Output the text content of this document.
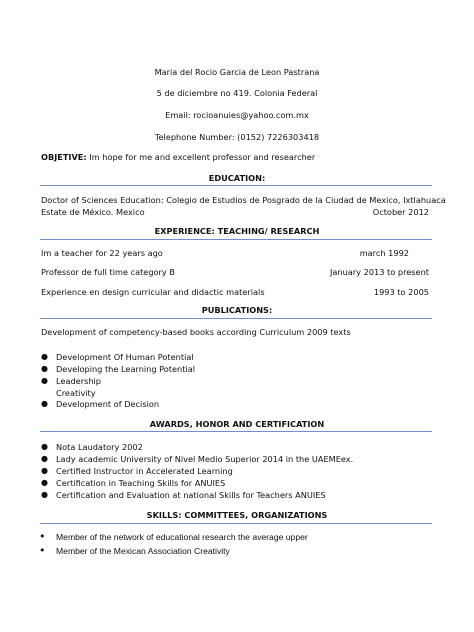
Maria del Rocio Garcia de Leon Pastrana
5 de diciembre no 419. Colonia Federal
Email: rocioanuies@yahoo.com.mx
Telephone Number: (0152) 7226303418
OBJETIVE: Im hope for me and excellent professor and researcher
EDUCATION:
Doctor of Sciences Education: Colegio de Estudios de Posgrado de la Ciudad de Mexico, Ixtlahuaca
Estate de México. Mexico	October 2012
EXPERIENCE: TEACHING/ RESEARCH
Im a teacher for 22 years ago	march 1992
Professor de full time category B	January 2013 to present
Experience en design curricular and didactic materials	1993 to 2005
PUBLICATIONS:
Development of competency-based books according Curriculum 2009 texts
● Development Of Human Potential
● Developing the Learning Potential
● Leadership
Creativity
● Development of Decision
AWARDS, HONOR AND CERTIFICATION
● Nota Laudatory 2002
● Lady academic University of Nivel Medio Superior 2014 in the UAEMEex.
● Certified Instructor in Accelerated Learning
● Certification in Teaching Skills for ANUIES
● Certification and Evaluation at national Skills for Teachers ANUIES
SKILLS: COMMITTEES, ORGANIZATIONS
• Member of the network of educational research the average upper
• Member of the Mexican Association Creativity
